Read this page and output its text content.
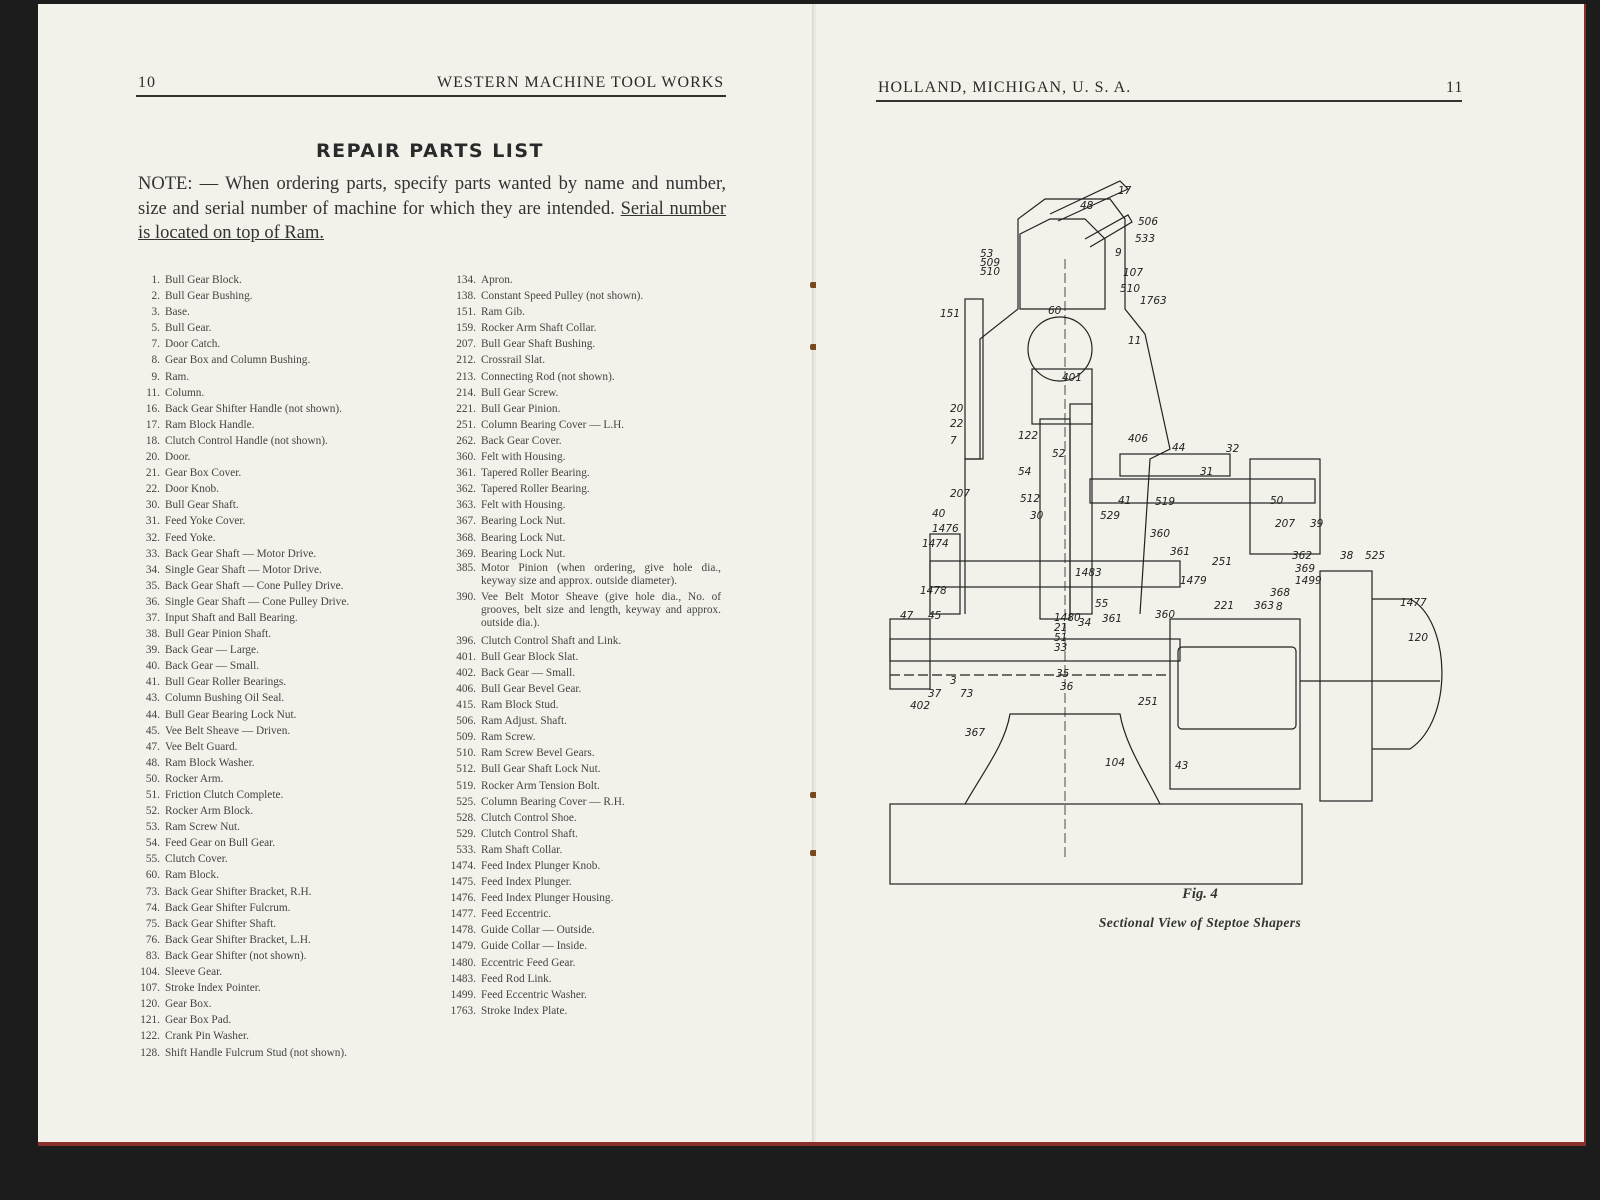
10	WESTERN MACHINE TOOL WORKS
REPAIR PARTS LIST
NOTE: — When ordering parts, specify parts wanted by name and number, size and serial number of machine for which they are intended. Serial number is located on top of Ram.
1. Bull Gear Block.
2. Bull Gear Bushing.
3. Base.
5. Bull Gear.
7. Door Catch.
8. Gear Box and Column Bushing.
9. Ram.
11. Column.
16. Back Gear Shifter Handle (not shown).
17. Ram Block Handle.
18. Clutch Control Handle (not shown).
20. Door.
21. Gear Box Cover.
22. Door Knob.
30. Bull Gear Shaft.
31. Feed Yoke Cover.
32. Feed Yoke.
33. Back Gear Shaft — Motor Drive.
34. Single Gear Shaft — Motor Drive.
35. Back Gear Shaft — Cone Pulley Drive.
36. Single Gear Shaft — Cone Pulley Drive.
37. Input Shaft and Ball Bearing.
38. Bull Gear Pinion Shaft.
39. Back Gear — Large.
40. Back Gear — Small.
41. Bull Gear Roller Bearings.
43. Column Bushing Oil Seal.
44. Bull Gear Bearing Lock Nut.
45. Vee Belt Sheave — Driven.
47. Vee Belt Guard.
48. Ram Block Washer.
50. Rocker Arm.
51. Friction Clutch Complete.
52. Rocker Arm Block.
53. Ram Screw Nut.
54. Feed Gear on Bull Gear.
55. Clutch Cover.
60. Ram Block.
73. Back Gear Shifter Bracket, R.H.
74. Back Gear Shifter Fulcrum.
75. Back Gear Shifter Shaft.
76. Back Gear Shifter Bracket, L.H.
83. Back Gear Shifter (not shown).
104. Sleeve Gear.
107. Stroke Index Pointer.
120. Gear Box.
121. Gear Box Pad.
122. Crank Pin Washer.
128. Shift Handle Fulcrum Stud (not shown).
134. Apron.
138. Constant Speed Pulley (not shown).
151. Ram Gib.
159. Rocker Arm Shaft Collar.
207. Bull Gear Shaft Bushing.
212. Crossrail Slat.
213. Connecting Rod (not shown).
214. Bull Gear Screw.
221. Bull Gear Pinion.
251. Column Bearing Cover — L.H.
262. Back Gear Cover.
360. Felt with Housing.
361. Tapered Roller Bearing.
362. Tapered Roller Bearing.
363. Felt with Housing.
367. Bearing Lock Nut.
368. Bearing Lock Nut.
369. Bearing Lock Nut.
385. Motor Pinion (when ordering, give hole dia., keyway size and approx. outside diameter).
390. Vee Belt Motor Sheave (give hole dia., No. of grooves, belt size and length, keyway and approx. outside dia.).
396. Clutch Control Shaft and Link.
401. Bull Gear Block Slat.
402. Back Gear — Small.
406. Bull Gear Bevel Gear.
415. Ram Block Stud.
506. Ram Adjust. Shaft.
509. Ram Screw.
510. Ram Screw Bevel Gears.
512. Bull Gear Shaft Lock Nut.
519. Rocker Arm Tension Bolt.
525. Column Bearing Cover — R.H.
528. Clutch Control Shoe.
529. Clutch Control Shaft.
533. Ram Shaft Collar.
1474. Feed Index Plunger Knob.
1475. Feed Index Plunger.
1476. Feed Index Plunger Housing.
1477. Feed Eccentric.
1478. Guide Collar — Outside.
1479. Guide Collar — Inside.
1480. Eccentric Feed Gear.
1483. Feed Rod Link.
1499. Feed Eccentric Washer.
1763. Stroke Index Plate.
HOLLAND, MICHIGAN, U. S. A.	11
17
48
506
533
9
107
510
1763
53
509
510
151	60
11
401
20
22
7	122
52
406
44	32
31
54
512	41 519	50
207
30
207 39
40
1476
1474
360
361
251	362
369
1499
1478
1483
1479
368
38 525
1477
47 45
55
361	360
221 363 8
120
1480
21
51
33
34
35
36
37
402
73
251
367
104	43
3
529
Fig. 4
Sectional View of Steptoe Shapers
